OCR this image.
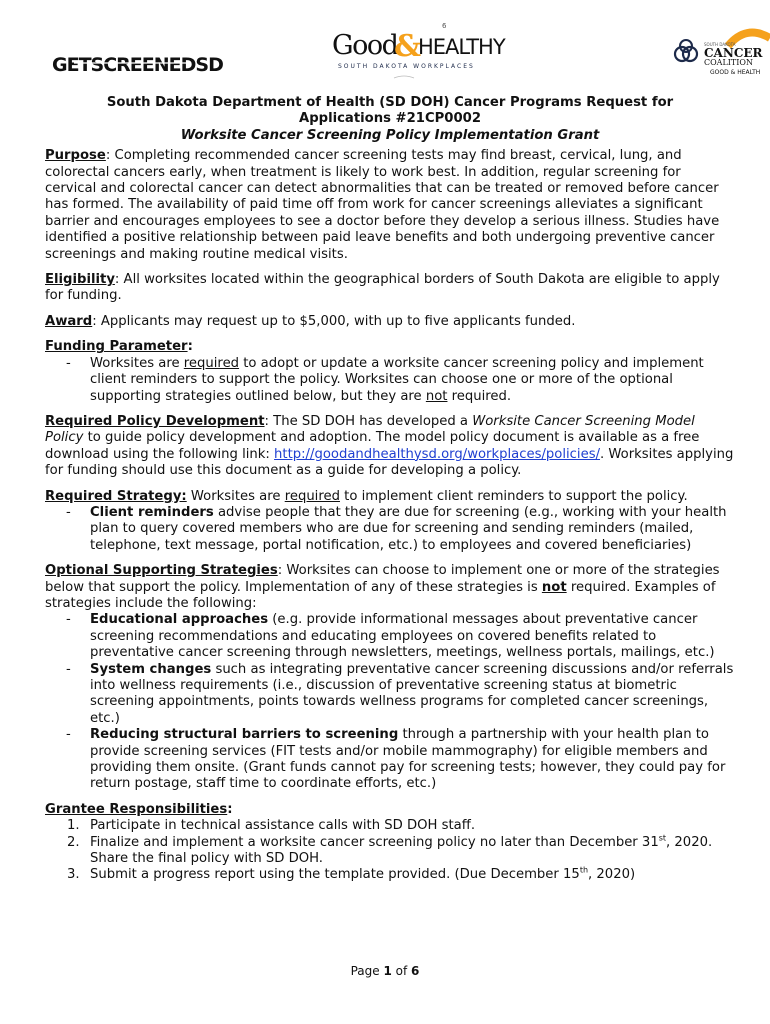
GETSCREENEDSD
6
Good
&
HEALTHY
SOUTH DAKOTA WORKPLACES
SOUTH DAKOTA
CANCER
COALITION
GOOD & HEALTH
South Dakota Department of Health (SD DOH) Cancer Programs Request for
Applications #21CP0002
Worksite Cancer Screening Policy Implementation Grant

Purpose: Completing recommended cancer screening tests may find breast, cervical, lung, and colorectal cancers early, when treatment is likely to work best. In addition, regular screening for cervical and colorectal cancer can detect abnormalities that can be treated or removed before cancer has formed. The availability of paid time off from work for cancer screenings alleviates a significant barrier and encourages employees to see a doctor before they develop a serious illness. Studies have identified a positive relationship between paid leave benefits and both undergoing preventive cancer screenings and making routine medical visits.

Eligibility: All worksites located within the geographical borders of South Dakota are eligible to apply for funding.

Award: Applicants may request up to $5,000, with up to five applicants funded.

Funding Parameter:

- Worksites are required to adopt or update a worksite cancer screening policy and implement client reminders to support the policy. Worksites can choose one or more of the optional supporting strategies outlined below, but they are not required.

Required Policy Development: The SD DOH has developed a Worksite Cancer Screening Model Policy to guide policy development and adoption. The model policy document is available as a free download using the following link: http://goodandhealthysd.org/workplaces/policies/. Worksites applying for funding should use this document as a guide for developing a policy.

Required Strategy: Worksites are required to implement client reminders to support the policy.

- Client reminders advise people that they are due for screening (e.g., working with your health plan to query covered members who are due for screening and sending reminders (mailed, telephone, text message, portal notification, etc.) to employees and covered beneficiaries)

Optional Supporting Strategies: Worksites can choose to implement one or more of the strategies below that support the policy. Implementation of any of these strategies is not required. Examples of strategies include the following:

- Educational approaches (e.g. provide informational messages about preventative cancer screening recommendations and educating employees on covered benefits related to preventative cancer screening through newsletters, meetings, wellness portals, mailings, etc.)
- System changes such as integrating preventative cancer screening discussions and/or referrals into wellness requirements (i.e., discussion of preventative screening status at biometric screening appointments, points towards wellness programs for completed cancer screenings, etc.)
- Reducing structural barriers to screening through a partnership with your health plan to provide screening services (FIT tests and/or mobile mammography) for eligible members and providing them onsite. (Grant funds cannot pay for screening tests; however, they could pay for return postage, staff time to coordinate efforts, etc.)

Grantee Responsibilities:

1. Participate in technical assistance calls with SD DOH staff.
2. Finalize and implement a worksite cancer screening policy no later than December 31st, 2020. Share the final policy with SD DOH.
3. Submit a progress report using the template provided. (Due December 15th, 2020)
Page 1 of 6
